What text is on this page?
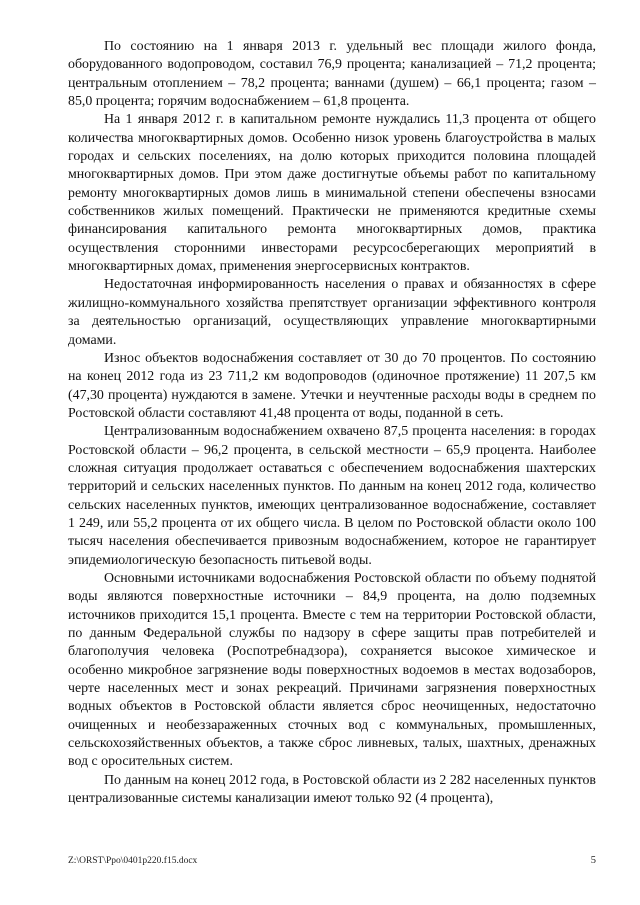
По состоянию на 1 января 2013 г. удельный вес площади жилого фонда, оборудованного водопроводом, составил 76,9 процента; канализацией – 71,2 процента; центральным отоплением – 78,2 процента; ваннами (душем) – 66,1 процента; газом – 85,0 процента; горячим водоснабжением – 61,8 процента.

На 1 января 2012 г. в капитальном ремонте нуждались 11,3 процента от общего количества многоквартирных домов. Особенно низок уровень благоустройства в малых городах и сельских поселениях, на долю которых приходится половина площадей многоквартирных домов. При этом даже достигнутые объемы работ по капитальному ремонту многоквартирных домов лишь в минимальной степени обеспечены взносами собственников жилых помещений. Практически не применяются кредитные схемы финансирования капитального ремонта многоквартирных домов, практика осуществления сторонними инвесторами ресурсосберегающих мероприятий в многоквартирных домах, применения энергосервисных контрактов.

Недостаточная информированность населения о правах и обязанностях в сфере жилищно-коммунального хозяйства препятствует организации эффективного контроля за деятельностью организаций, осуществляющих управление многоквартирными домами.

Износ объектов водоснабжения составляет от 30 до 70 процентов. По состоянию на конец 2012 года из 23 711,2 км водопроводов (одиночное протяжение) 11 207,5 км (47,30 процента) нуждаются в замене. Утечки и неучтенные расходы воды в среднем по Ростовской области составляют 41,48 процента от воды, поданной в сеть.

Централизованным водоснабжением охвачено 87,5 процента населения: в городах Ростовской области – 96,2 процента, в сельской местности – 65,9 процента. Наиболее сложная ситуация продолжает оставаться с обеспечением водоснабжения шахтерских территорий и сельских населенных пунктов. По данным на конец 2012 года, количество сельских населенных пунктов, имеющих централизованное водоснабжение, составляет 1 249, или 55,2 процента от их общего числа. В целом по Ростовской области около 100 тысяч населения обеспечивается привозным водоснабжением, которое не гарантирует эпидемиологическую безопасность питьевой воды.

Основными источниками водоснабжения Ростовской области по объему поднятой воды являются поверхностные источники – 84,9 процента, на долю подземных источников приходится 15,1 процента. Вместе с тем на территории Ростовской области, по данным Федеральной службы по надзору в сфере защиты прав потребителей и благополучия человека (Роспотребнадзора), сохраняется высокое химическое и особенно микробное загрязнение воды поверхностных водоемов в местах водозаборов, черте населенных мест и зонах рекреаций. Причинами загрязнения поверхностных водных объектов в Ростовской области является сброс неочищенных, недостаточно очищенных и необеззараженных сточных вод с коммунальных, промышленных, сельскохозяйственных объектов, а также сброс ливневых, талых, шахтных, дренажных вод с оросительных систем.

По данным на конец 2012 года, в Ростовской области из 2 282 населенных пунктов централизованные системы канализации имеют только 92 (4 процента),

Z:\ORST\Ppo\0401p220.f15.docx	5
